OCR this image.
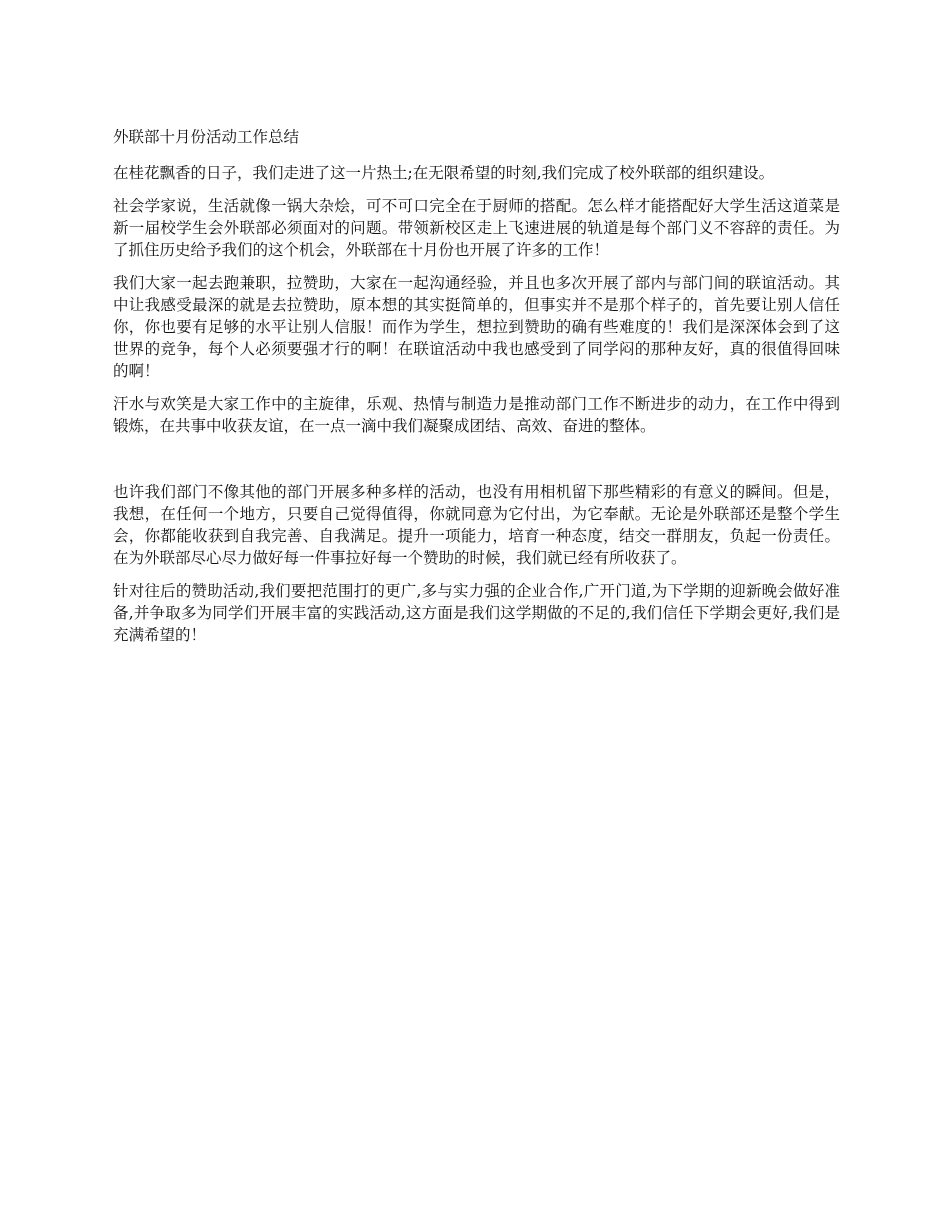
外联部十月份活动工作总结

在桂花飘香的日子，我们走进了这一片热土;在无限希望的时刻,我们完成了校外联部的组织建设。

社会学家说，生活就像一锅大杂烩，可不可口完全在于厨师的搭配。怎么样才能搭配好大学生活这道菜是新一届校学生会外联部必须面对的问题。带领新校区走上飞速进展的轨道是每个部门义不容辞的责任。为了抓住历史给予我们的这个机会，外联部在十月份也开展了许多的工作！

我们大家一起去跑兼职，拉赞助，大家在一起沟通经验，并且也多次开展了部内与部门间的联谊活动。其中让我感受最深的就是去拉赞助，原本想的其实挺简单的，但事实并不是那个样子的，首先要让别人信任你，你也要有足够的水平让别人信服！而作为学生，想拉到赞助的确有些难度的！我们是深深体会到了这世界的竞争，每个人必须要强才行的啊！在联谊活动中我也感受到了同学闷的那种友好，真的很值得回味的啊！

汗水与欢笑是大家工作中的主旋律，乐观、热情与制造力是推动部门工作不断进步的动力，在工作中得到锻炼，在共事中收获友谊，在一点一滴中我们凝聚成团结、高效、奋进的整体。

也许我们部门不像其他的部门开展多种多样的活动，也没有用相机留下那些精彩的有意义的瞬间。但是，我想，在任何一个地方，只要自己觉得值得，你就同意为它付出，为它奉献。无论是外联部还是整个学生会，你都能收获到自我完善、自我满足。提升一项能力，培育一种态度，结交一群朋友，负起一份责任。 在为外联部尽心尽力做好每一件事拉好每一个赞助的时候，我们就已经有所收获了。

针对往后的赞助活动,我们要把范围打的更广,多与实力强的企业合作,广开门道,为下学期的迎新晚会做好准备,并争取多为同学们开展丰富的实践活动,这方面是我们这学期做的不足的,我们信任下学期会更好,我们是充满希望的！
